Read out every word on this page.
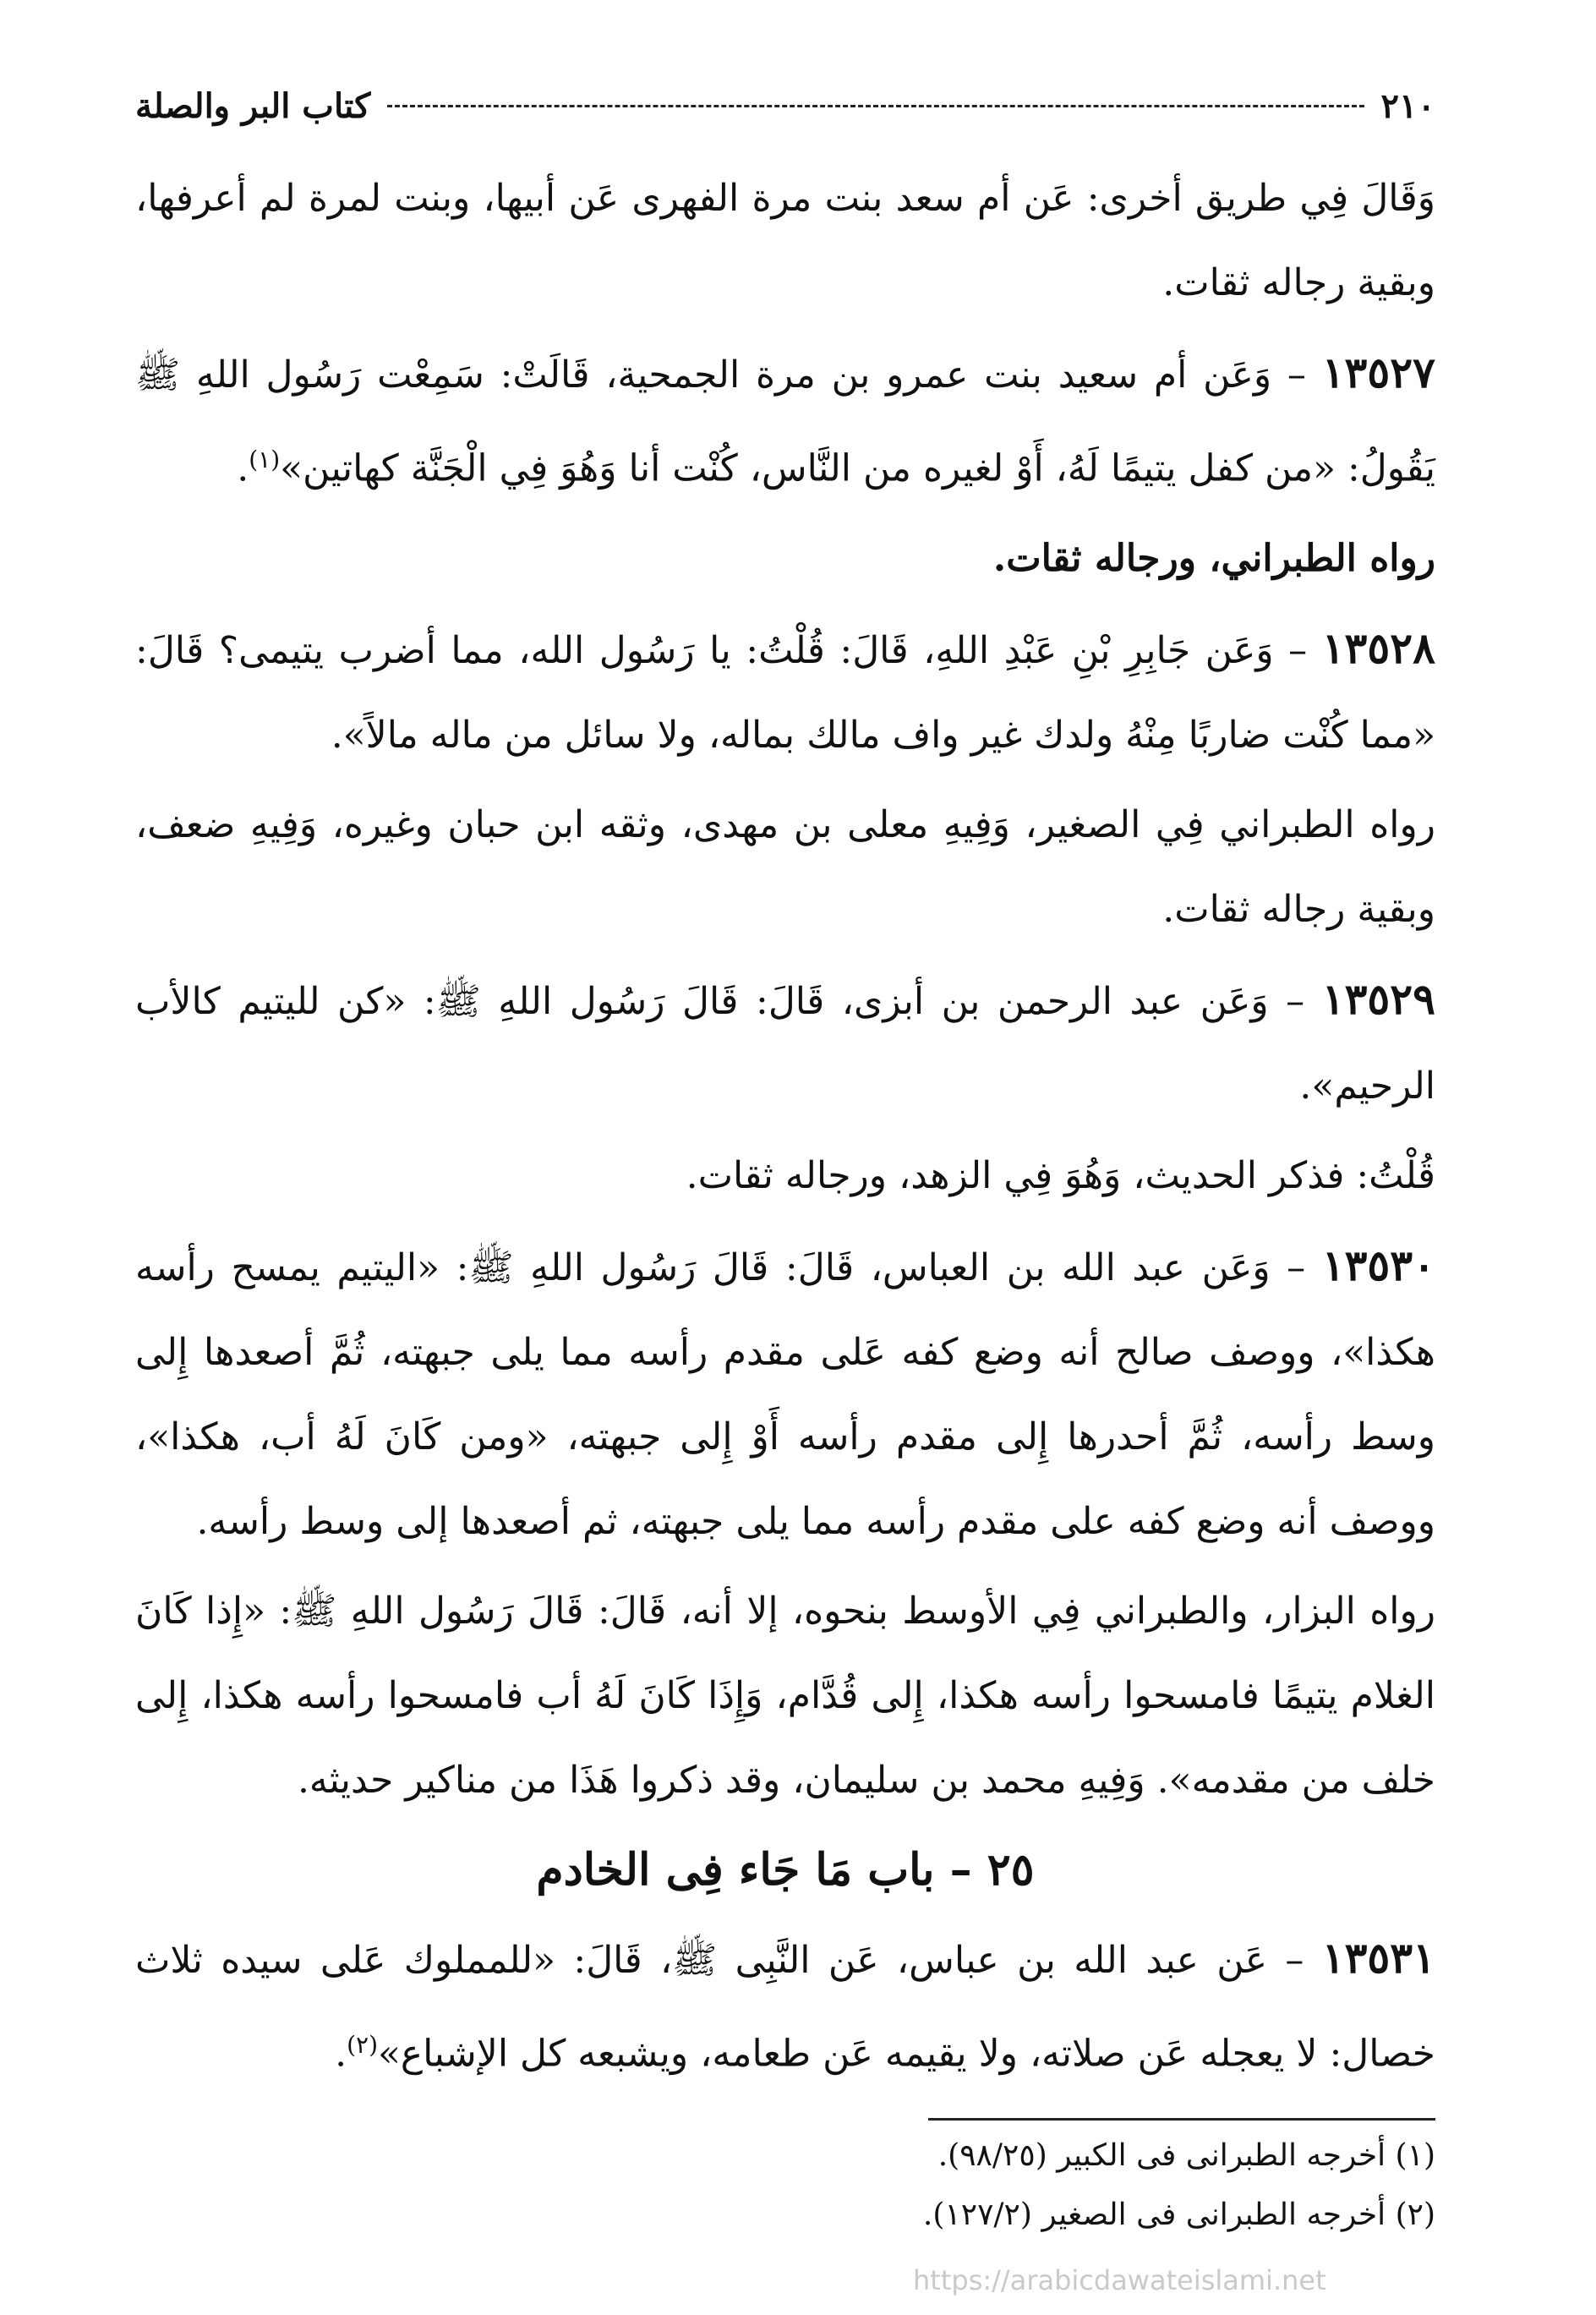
٢١٠
كتاب البر والصلة

وَقَالَ فِي طريق أخرى: عَن أم سعد بنت مرة الفهرى عَن أبيها، وبنت لمرة لم أعرفها، وبقية رجاله ثقات.

١٣٥٢٧ – وَعَن أم سعيد بنت عمرو بن مرة الجمحية، قَالَتْ: سَمِعْت رَسُول اللهِ ﷺ يَقُولُ: «من كفل يتيمًا لَهُ، أَوْ لغيره من النَّاس، كُنْت أنا وَهُوَ فِي الْجَنَّة كهاتين»$^{(١)}$.

رواه الطبراني، ورجاله ثقات.

١٣٥٢٨ – وَعَن جَابِرِ بْنِ عَبْدِ اللهِ، قَالَ: قُلْتُ: يا رَسُول الله، مما أضرب يتيمى؟ قَالَ: «مما كُنْت ضاربًا مِنْهُ ولدك غير واف مالك بماله، ولا سائل من ماله مالاً».

رواه الطبراني فِي الصغير، وَفِيهِ معلى بن مهدى، وثقه ابن حبان وغيره، وَفِيهِ ضعف، وبقية رجاله ثقات.

١٣٥٢٩ – وَعَن عبد الرحمن بن أبزى، قَالَ: قَالَ رَسُول اللهِ ﷺ: «كن لليتيم كالأب الرحيم».

قُلْتُ: فذكر الحديث، وَهُوَ فِي الزهد، ورجاله ثقات.

١٣٥٣٠ – وَعَن عبد الله بن العباس، قَالَ: قَالَ رَسُول اللهِ ﷺ: «اليتيم يمسح رأسه هكذا»، ووصف صالح أنه وضع كفه عَلى مقدم رأسه مما يلى جبهته، ثُمَّ أصعدها إِلى وسط رأسه، ثُمَّ أحدرها إِلى مقدم رأسه أَوْ إِلى جبهته، «ومن كَانَ لَهُ أب، هكذا»، ووصف أنه وضع كفه على مقدم رأسه مما يلى جبهته، ثم أصعدها إلى وسط رأسه.

رواه البزار، والطبراني فِي الأوسط بنحوه، إلا أنه، قَالَ: قَالَ رَسُول اللهِ ﷺ: «إِذا كَانَ الغلام يتيمًا فامسحوا رأسه هكذا، إِلى قُدَّام، وَإِذَا كَانَ لَهُ أب فامسحوا رأسه هكذا، إِلى خلف من مقدمه». وَفِيهِ محمد بن سليمان، وقد ذكروا هَذَا من مناكير حديثه.

٢٥ – باب مَا جَاء فِى الخادم

١٣٥٣١ – عَن عبد الله بن عباس، عَن النَّبِى ﷺ، قَالَ: «للمملوك عَلى سيده ثلاث خصال: لا يعجله عَن صلاته، ولا يقيمه عَن طعامه، ويشبعه كل الإشباع»$^{(٢)}$.

(١) أخرجه الطبرانى فى الكبير (٩٨/٢٥).
(٢) أخرجه الطبرانى فى الصغير (١٢٧/٢).
https://arabicdawateislami.net
